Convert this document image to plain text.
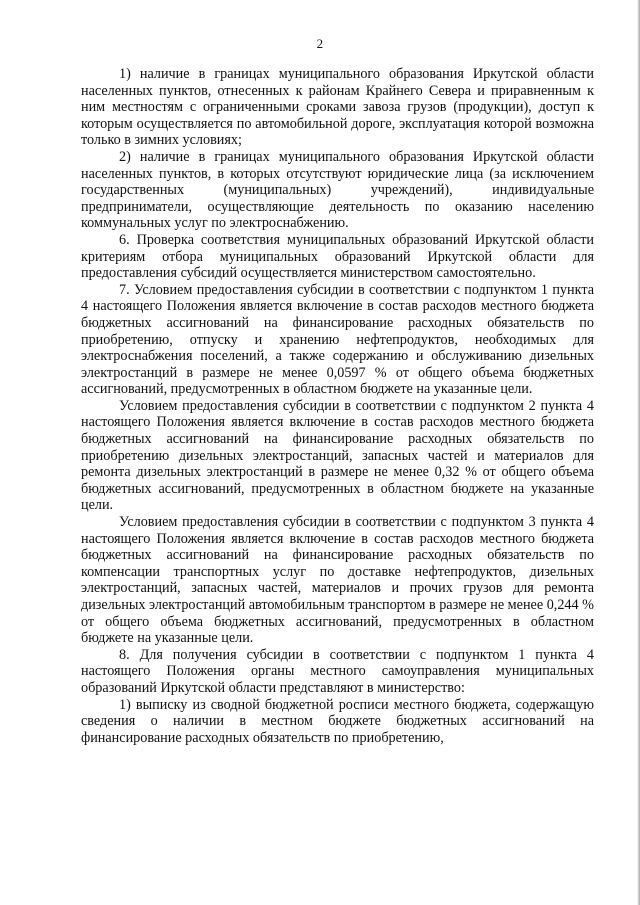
2

1) наличие в границах муниципального образования Иркутской области населенных пунктов, отнесенных к районам Крайнего Севера и приравненным к ним местностям с ограниченными сроками завоза грузов (продукции), доступ к которым осуществляется по автомобильной дороге, эксплуатация которой возможна только в зимних условиях;

2) наличие в границах муниципального образования Иркутской области населенных пунктов, в которых отсутствуют юридические лица (за исключением государственных (муниципальных) учреждений), индивидуальные предприниматели, осуществляющие деятельность по оказанию населению коммунальных услуг по электроснабжению.

6. Проверка соответствия муниципальных образований Иркутской области критериям отбора муниципальных образований Иркутской области для предоставления субсидий осуществляется министерством самостоятельно.

7. Условием предоставления субсидии в соответствии с подпунктом 1 пункта 4 настоящего Положения является включение в состав расходов местного бюджета бюджетных ассигнований на финансирование расходных обязательств по приобретению, отпуску и хранению нефтепродуктов, необходимых для электроснабжения поселений, а также содержанию и обслуживанию дизельных электростанций в размере не менее 0,0597 % от общего объема бюджетных ассигнований, предусмотренных в областном бюджете на указанные цели.

Условием предоставления субсидии в соответствии с подпунктом 2 пункта 4 настоящего Положения является включение в состав расходов местного бюджета бюджетных ассигнований на финансирование расходных обязательств по приобретению дизельных электростанций, запасных частей и материалов для ремонта дизельных электростанций в размере не менее 0,32 % от общего объема бюджетных ассигнований, предусмотренных в областном бюджете на указанные цели.

Условием предоставления субсидии в соответствии с подпунктом 3 пункта 4 настоящего Положения является включение в состав расходов местного бюджета бюджетных ассигнований на финансирование расходных обязательств по компенсации транспортных услуг по доставке нефтепродуктов, дизельных электростанций, запасных частей, материалов и прочих грузов для ремонта дизельных электростанций автомобильным транспортом в размере не менее 0,244 % от общего объема бюджетных ассигнований, предусмотренных в областном бюджете на указанные цели.

8. Для получения субсидии в соответствии с подпунктом 1 пункта 4 настоящего Положения органы местного самоуправления муниципальных образований Иркутской области представляют в министерство:

1) выписку из сводной бюджетной росписи местного бюджета, содержащую сведения о наличии в местном бюджете бюджетных ассигнований на финансирование расходных обязательств по приобретению,
